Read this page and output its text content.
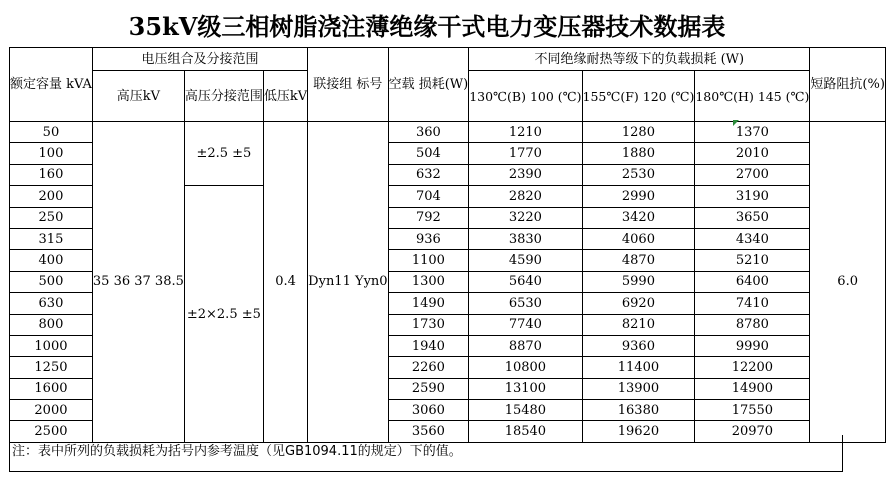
35kV级三相树脂浇注薄绝缘干式电力变压器技术数据表
额定容量 kVA	电压组合及分接范围			联接组 标号	空载 损耗(W)	不同绝缘耐热等级下的负载损耗 (W)			短路阻抗(%)
	高压kV	高压分接范围	低压kV			130℃(B) 100 (℃)	155℃(F) 120 (℃)	180℃(H) 145 (℃)	
50	35 36 37 38.5	±2.5 ±5	0.4	Dyn11 Yyn0	360	1210	1280	1370	6.0
100					504	1770	1880	2010	
160					632	2390	2530	2700	
200		±2×2.5 ±5			704	2820	2990	3190	
250					792	3220	3420	3650	
315					936	3830	4060	4340	
400					1100	4590	4870	5210	
500					1300	5640	5990	6400	
630					1490	6530	6920	7410	
800					1730	7740	8210	8780	
1000					1940	8870	9360	9990	
1250					2260	10800	11400	12200	
1600					2590	13100	13900	14900	
2000					3060	15480	16380	17550	
2500					3560	18540	19620	20970	
注：表中所列的负载损耗为括号内参考温度（见GB1094.11的规定）下的值。
